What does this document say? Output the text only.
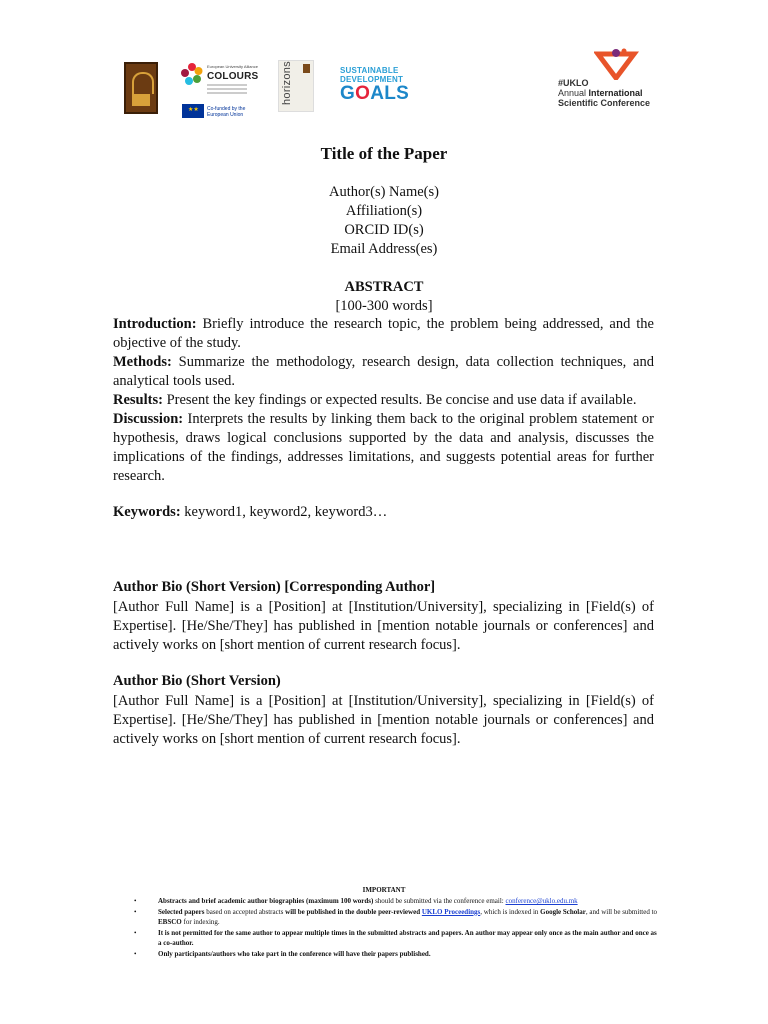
European University Alliance
COLOURS
★★ Co-funded by the European Union
horizons	SUSTAINABLE
DEVELOPMENT
GOALS	#UKLO
Annual International
Scientific Conference
Title of the Paper
Author(s) Name(s)
Affiliation(s)
ORCID ID(s)
Email Address(es)
ABSTRACT
[100-300 words]
Introduction: Briefly introduce the research topic, the problem being addressed, and the objective of the study.
Methods: Summarize the methodology, research design, data collection techniques, and analytical tools used.
Results: Present the key findings or expected results. Be concise and use data if available.
Discussion: Interprets the results by linking them back to the original problem statement or hypothesis, draws logical conclusions supported by the data and analysis, discusses the implications of the findings, addresses limitations, and suggests potential areas for further research.
Keywords: keyword1, keyword2, keyword3…
Author Bio (Short Version) [Corresponding Author]
[Author Full Name] is a [Position] at [Institution/University], specializing in [Field(s) of Expertise]. [He/She/They] has published in [mention notable journals or conferences] and actively works on [short mention of current research focus].
Author Bio (Short Version)
[Author Full Name] is a [Position] at [Institution/University], specializing in [Field(s) of Expertise]. [He/She/They] has published in [mention notable journals or conferences] and actively works on [short mention of current research focus].
IMPORTANT
•	Abstracts and brief academic author biographies (maximum 100 words) should be submitted via the conference email: conference@uklo.edu.mk
•	Selected papers based on accepted abstracts will be published in the double peer-reviewed UKLO Proceedings, which is indexed in Google Scholar, and will be submitted to EBSCO for indexing.
•	It is not permitted for the same author to appear multiple times in the submitted abstracts and papers. An author may appear only once as the main author and once as a co-author.
•	Only participants/authors who take part in the conference will have their papers published.
